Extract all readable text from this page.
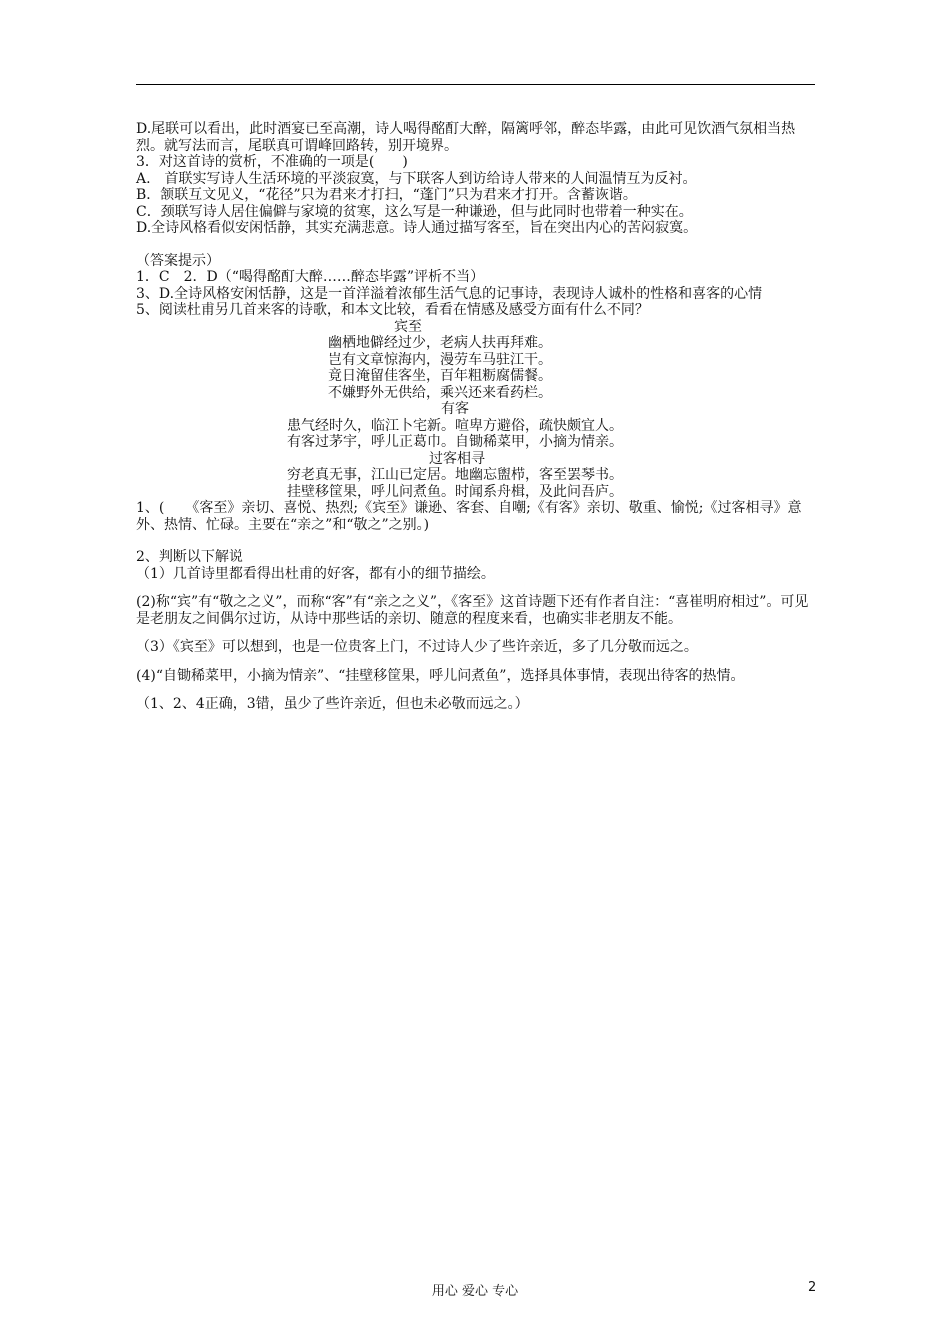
D.尾联可以看出，此时酒宴已至高潮，诗人喝得酩酊大醉，隔篱呼邻，醉态毕露，由此可见饮酒气氛相当热烈。就写法而言，尾联真可谓峰回路转，别开境界。

3．对这首诗的赏析，不准确的一项是(　　)

A.　首联实写诗人生活环境的平淡寂寞，与下联客人到访给诗人带来的人间温情互为反衬。

B．颔联互文见义，“花径”只为君来才打扫，“蓬门”只为君来才打开。含蓄诙谐。

C．颈联写诗人居住偏僻与家境的贫寒，这么写是一种谦逊，但与此同时也带着一种实在。

D.全诗风格看似安闲恬静，其实充满悲意。诗人通过描写客至，旨在突出内心的苦闷寂寞。

（答案提示）

1．C　2．D（“喝得酩酊大醉……醉态毕露”评析不当）

3、D.全诗风格安闲恬静，这是一首洋溢着浓郁生活气息的记事诗，表现诗人诚朴的性格和喜客的心情

5、阅读杜甫另几首来客的诗歌，和本文比较，看看在情感及感受方面有什么不同？

宾至

幽栖地僻经过少，老病人扶再拜难。

岂有文章惊海内，漫劳车马驻江干。

竟日淹留佳客坐，百年粗粝腐儒餐。

不嫌野外无供给，乘兴还来看药栏。

有客

患气经时久，临江卜宅新。喧卑方避俗，疏快颇宜人。

有客过茅宇，呼儿正葛巾。自锄稀菜甲，小摘为情亲。

过客相寻

穷老真无事，江山已定居。地幽忘盥栉，客至罢琴书。

挂壁移筐果，呼儿问煮鱼。时闻系舟楫，及此问吾庐。

1、(　　《客至》亲切、喜悦、热烈;《宾至》谦逊、客套、自嘲;《有客》亲切、敬重、愉悦;《过客相寻》意外、热情、忙碌。主要在“亲之”和“敬之”之别。)

2、判断以下解说

（1）几首诗里都看得出杜甫的好客，都有小的细节描绘。

(2)称“宾”有“敬之之义”，而称“客”有“亲之之义”，《客至》这首诗题下还有作者自注：“喜崔明府相过”。可见是老朋友之间偶尔过访，从诗中那些话的亲切、随意的程度来看，也确实非老朋友不能。

（3）《宾至》可以想到，也是一位贵客上门，不过诗人少了些许亲近，多了几分敬而远之。

(4)“自锄稀菜甲，小摘为情亲”、“挂壁移筐果，呼儿问煮鱼”，选择具体事情，表现出待客的热情。

（1、2、4正确，3错，虽少了些许亲近，但也未必敬而远之。）

用心 爱心 专心	2
